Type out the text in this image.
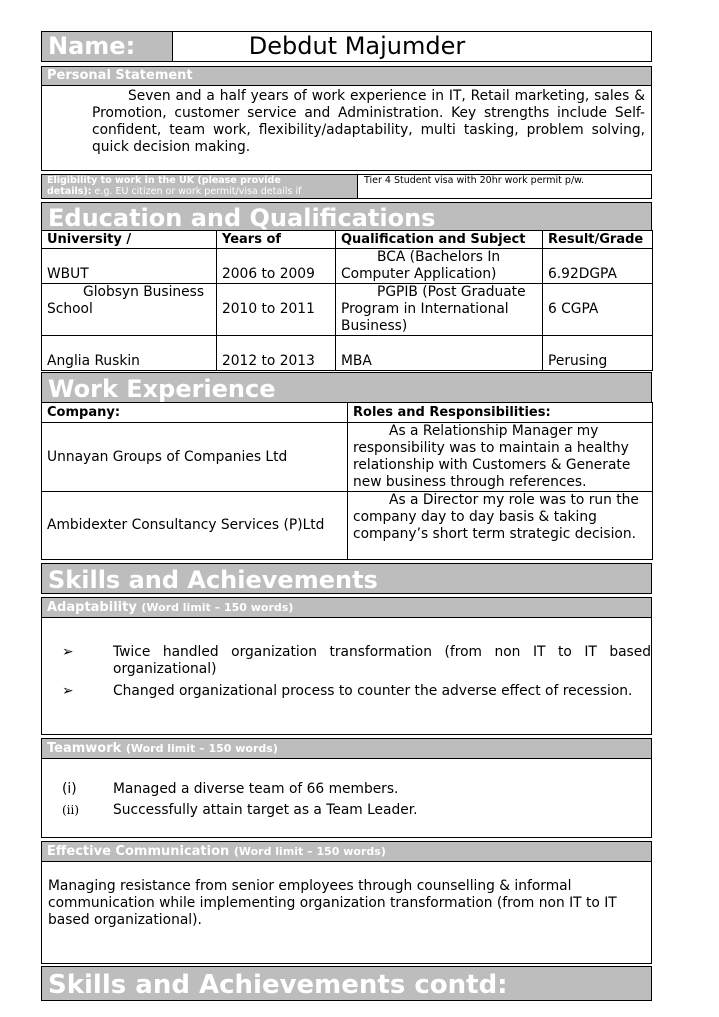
Name:	Debdut Majumder
Personal Statement
Seven and a half years of work experience in IT, Retail marketing, sales & Promotion, customer service and Administration. Key strengths include Self-confident, team work, flexibility/adaptability, multi tasking, problem solving, quick decision making.
Eligibility to work in the UK (please provide
details): e.g. EU citizen or work permit/visa details if
Tier 4 Student visa with 20hr work permit p/w.
Education and Qualifications
University /	Years of	Qualification and Subject	Result/Grade
WBUT	2006 to 2009	BCA (Bachelors In Computer Application)	6.92DGPA
Globsyn Business School	2010 to 2011	PGPIB (Post Graduate Program in International Business)	6 CGPA
Anglia Ruskin	2012 to 2013	MBA	Perusing
Work Experience
Company:	Roles and Responsibilities:
Unnayan Groups of Companies Ltd	As a Relationship Manager my responsibility was to maintain a healthy relationship with Customers & Generate new business through references.
Ambidexter Consultancy Services (P)Ltd	As a Director my role was to run the company day to day basis & taking company’s short term strategic decision.
Skills and Achievements
Adaptability (Word limit – 150 words)
➢	Twice handled organization transformation (from non IT to IT based organizational)
➢	Changed organizational process to counter the adverse effect of recession.
Teamwork (Word limit – 150 words)
(i)	Managed a diverse team of 66 members.
(ii)	Successfully attain target as a Team Leader.
Effective Communication (Word limit – 150 words)
Managing resistance from senior employees through counselling & informal communication while implementing organization transformation (from non IT to IT based organizational).
Skills and Achievements contd:
